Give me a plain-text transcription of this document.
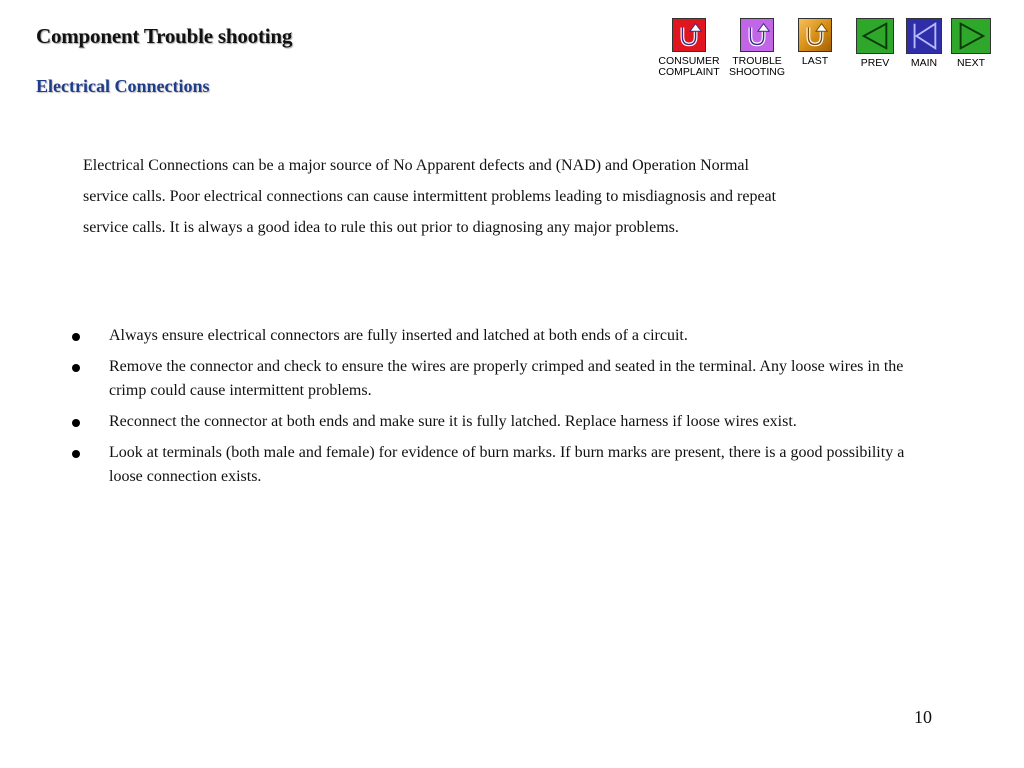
Component Trouble shooting
Electrical Connections
CONSUMER
COMPLAINT
TROUBLE
SHOOTING
LAST	PREV	MAIN	NEXT
Electrical Connections can be a major source of No Apparent defects and (NAD) and Operation Normal
service calls. Poor electrical connections can cause intermittent problems leading to misdiagnosis and repeat
service calls. It is always a good idea to rule this out prior to diagnosing any major problems.
Always ensure electrical connectors are fully inserted and latched at both ends of a circuit.
Remove the connector and check to ensure the wires are properly crimped and seated in the terminal. Any loose wires in the crimp could cause intermittent problems.
Reconnect the connector at both ends and make sure it is fully latched. Replace harness if loose wires exist.
Look at terminals (both male and female) for evidence of burn marks. If burn marks are present, there is a good possibility a loose connection exists.
10
